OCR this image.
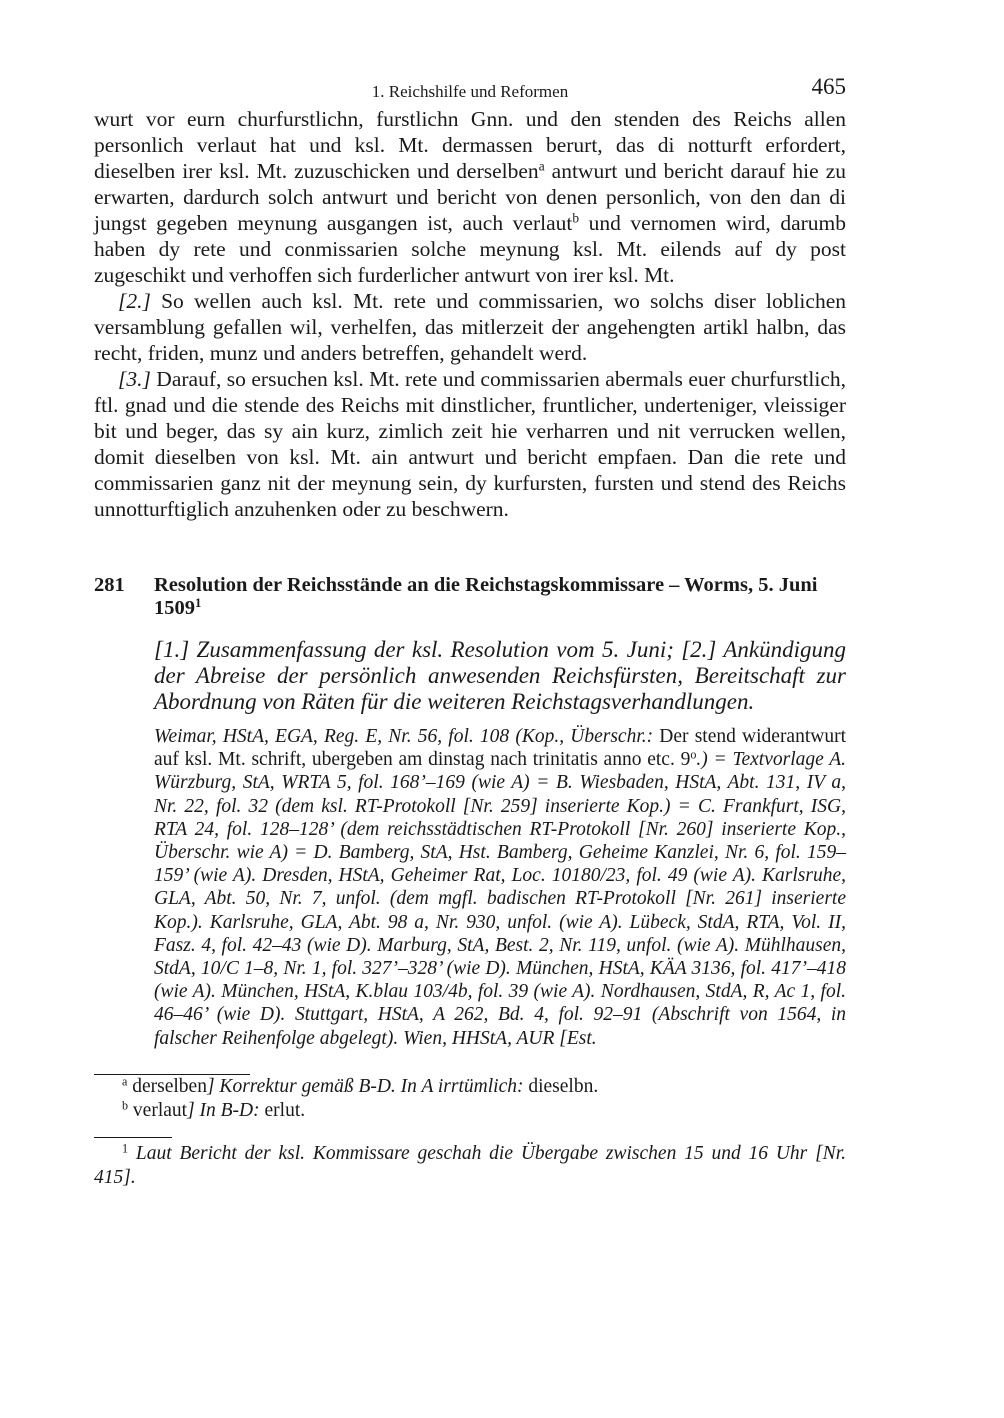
1. Reichshilfe und Reformen	465

wurt vor eurn churfurstlichn, furstlichn Gnn. und den stenden des Reichs allen personlich verlaut hat und ksl. Mt. dermassen berurt, das di notturft erfordert, dieselben irer ksl. Mt. zuzuschicken und derselben$^a$ antwurt und bericht darauf hie zu erwarten, dardurch solch antwurt und bericht von denen personlich, von den dan di jungst gegeben meynung ausgangen ist, auch verlaut$^b$ und vernomen wird, darumb haben dy rete und conmissarien solche meynung ksl. Mt. eilends auf dy post zugeschikt und verhoffen sich furderlicher antwurt von irer ksl. Mt.

[2.] So wellen auch ksl. Mt. rete und commissarien, wo solchs diser loblichen versamblung gefallen wil, verhelfen, das mitlerzeit der angehengten artikl halbn, das recht, friden, munz und anders betreffen, gehandelt werd.

[3.] Darauf, so ersuchen ksl. Mt. rete und commissarien abermals euer churfurstlich, ftl. gnad und die stende des Reichs mit dinstlicher, fruntlicher, underteniger, vleissiger bit und beger, das sy ain kurz, zimlich zeit hie verharren und nit verrucken wellen, domit dieselben von ksl. Mt. ain antwurt und bericht empfaen. Dan die rete und commissarien ganz nit der meynung sein, dy kurfursten, fursten und stend des Reichs unnotturftiglich anzuhenken oder zu beschwern.

281	Resolution der Reichsstände an die Reichstagskommissare – Worms, 5. Juni 1509$^1$
[1.] Zusammenfassung der ksl. Resolution vom 5. Juni; [2.] Ankündigung der Abreise der persönlich anwesenden Reichsfürsten, Bereitschaft zur Abordnung von Räten für die weiteren Reichstagsverhandlungen.
Weimar, HStA, EGA, Reg. E, Nr. 56, fol. 108 (Kop., Überschr.: Der stend widerantwurt auf ksl. Mt. schrift, ubergeben am dinstag nach trinitatis anno etc. $9^o$.) = Textvorlage A. Würzburg, StA, WRTA 5, fol. 168’–169 (wie A) = B. Wiesbaden, HStA, Abt. 131, IV a, Nr. 22, fol. 32 (dem ksl. RT-Protokoll [Nr. 259] inserierte Kop.) = C. Frankfurt, ISG, RTA 24, fol. 128–128’ (dem reichsstädtischen RT-Protokoll [Nr. 260] inserierte Kop., Überschr. wie A) = D. Bamberg, StA, Hst. Bamberg, Geheime Kanzlei, Nr. 6, fol. 159–159’ (wie A). Dresden, HStA, Geheimer Rat, Loc. 10180/23, fol. 49 (wie A). Karlsruhe, GLA, Abt. 50, Nr. 7, unfol. (dem mgfl. badischen RT-Protokoll [Nr. 261] inserierte Kop.). Karlsruhe, GLA, Abt. 98 a, Nr. 930, unfol. (wie A). Lübeck, StdA, RTA, Vol. II, Fasz. 4, fol. 42–43 (wie D). Marburg, StA, Best. 2, Nr. 119, unfol. (wie A). Mühlhausen, StdA, 10/C 1–8, Nr. 1, fol. 327’–328’ (wie D). München, HStA, KÄA 3136, fol. 417’–418 (wie A). München, HStA, K.blau 103/4b, fol. 39 (wie A). Nordhausen, StdA, R, Ac 1, fol. 46–46’ (wie D). Stuttgart, HStA, A 262, Bd. 4, fol. 92–91 (Abschrift von 1564, in falscher Reihenfolge abgelegt). Wien, HHStA, AUR [Est.
$^a$ derselben] Korrektur gemäß B-D. In A irrtümlich: dieselbn.
$^b$ verlaut] In B-D: erlut.
$^1$ Laut Bericht der ksl. Kommissare geschah die Übergabe zwischen 15 und 16 Uhr [Nr. 415].
